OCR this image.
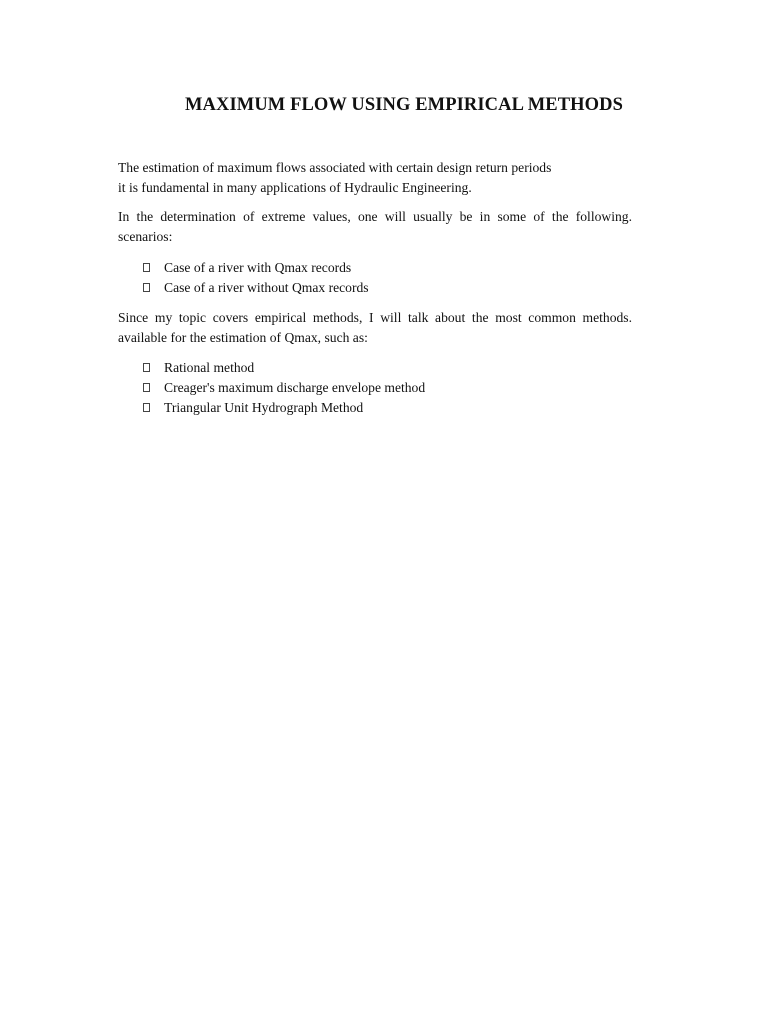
MAXIMUM FLOW USING EMPIRICAL METHODS

The estimation of maximum flows associated with certain design return periods
it is fundamental in many applications of Hydraulic Engineering.

In the determination of extreme values, one will usually be in some of the following.
scenarios:

Case of a river with Qmax records
Case of a river without Qmax records

Since my topic covers empirical methods, I will talk about the most common methods.
available for the estimation of Qmax, such as:

Rational method
Creager's maximum discharge envelope method
Triangular Unit Hydrograph Method
